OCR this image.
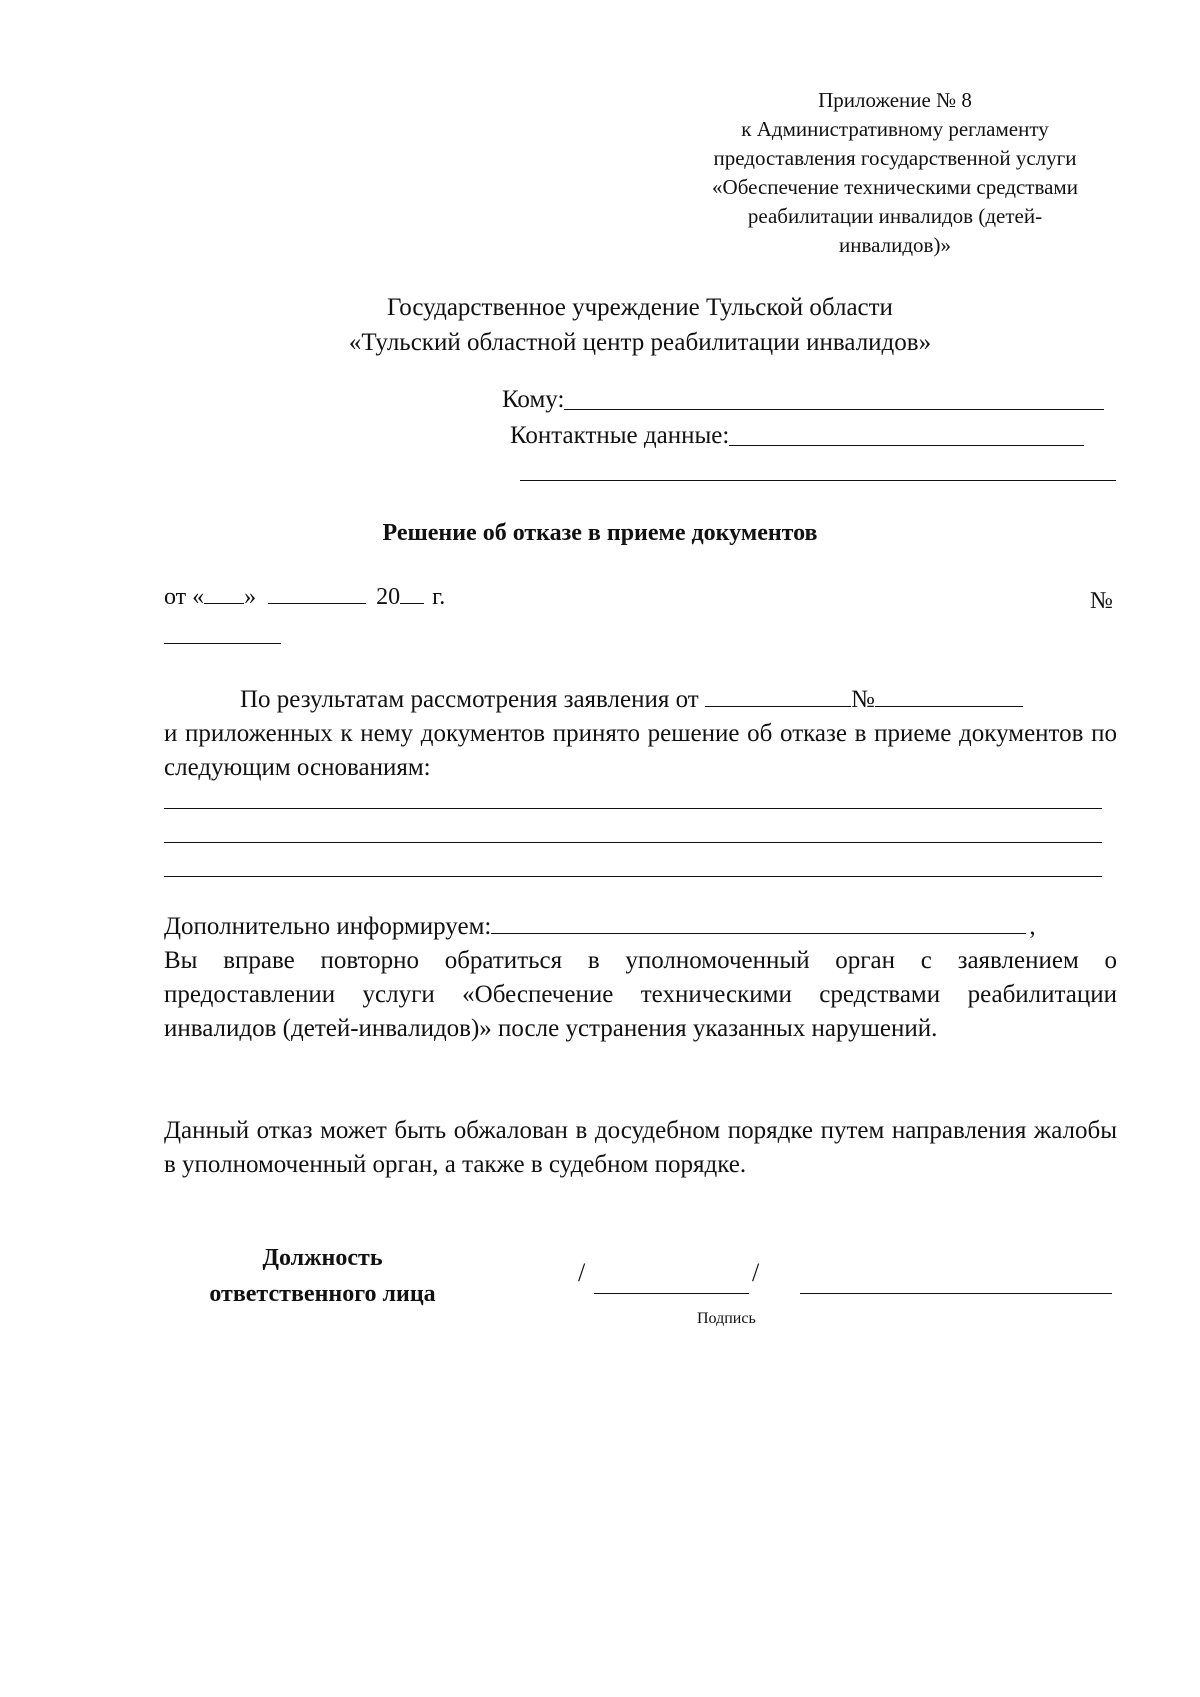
Приложение № 8
к Административному регламенту
предоставления государственной услуги
«Обеспечение техническими средствами
реабилитации инвалидов (детей-
инвалидов)»
Государственное учреждение Тульской области
«Тульский областной центр реабилитации инвалидов»
Кому:
Контактные данные:
Решение об отказе в приеме документов
от « »	20 г.	№
По результатам рассмотрения заявления от	№
и приложенных к нему документов принято решение об отказе в приеме документов по следующим основаниям:
Дополнительно информируем:	,
Вы вправе повторно обратиться в уполномоченный орган с заявлением о предоставлении услуги «Обеспечение техническими средствами реабилитации инвалидов (детей-инвалидов)» после устранения указанных нарушений.
Данный отказ может быть обжалован в досудебном порядке путем направления жалобы в уполномоченный орган, а также в судебном порядке.
Должность
ответственного лица
/	/
Подпись
